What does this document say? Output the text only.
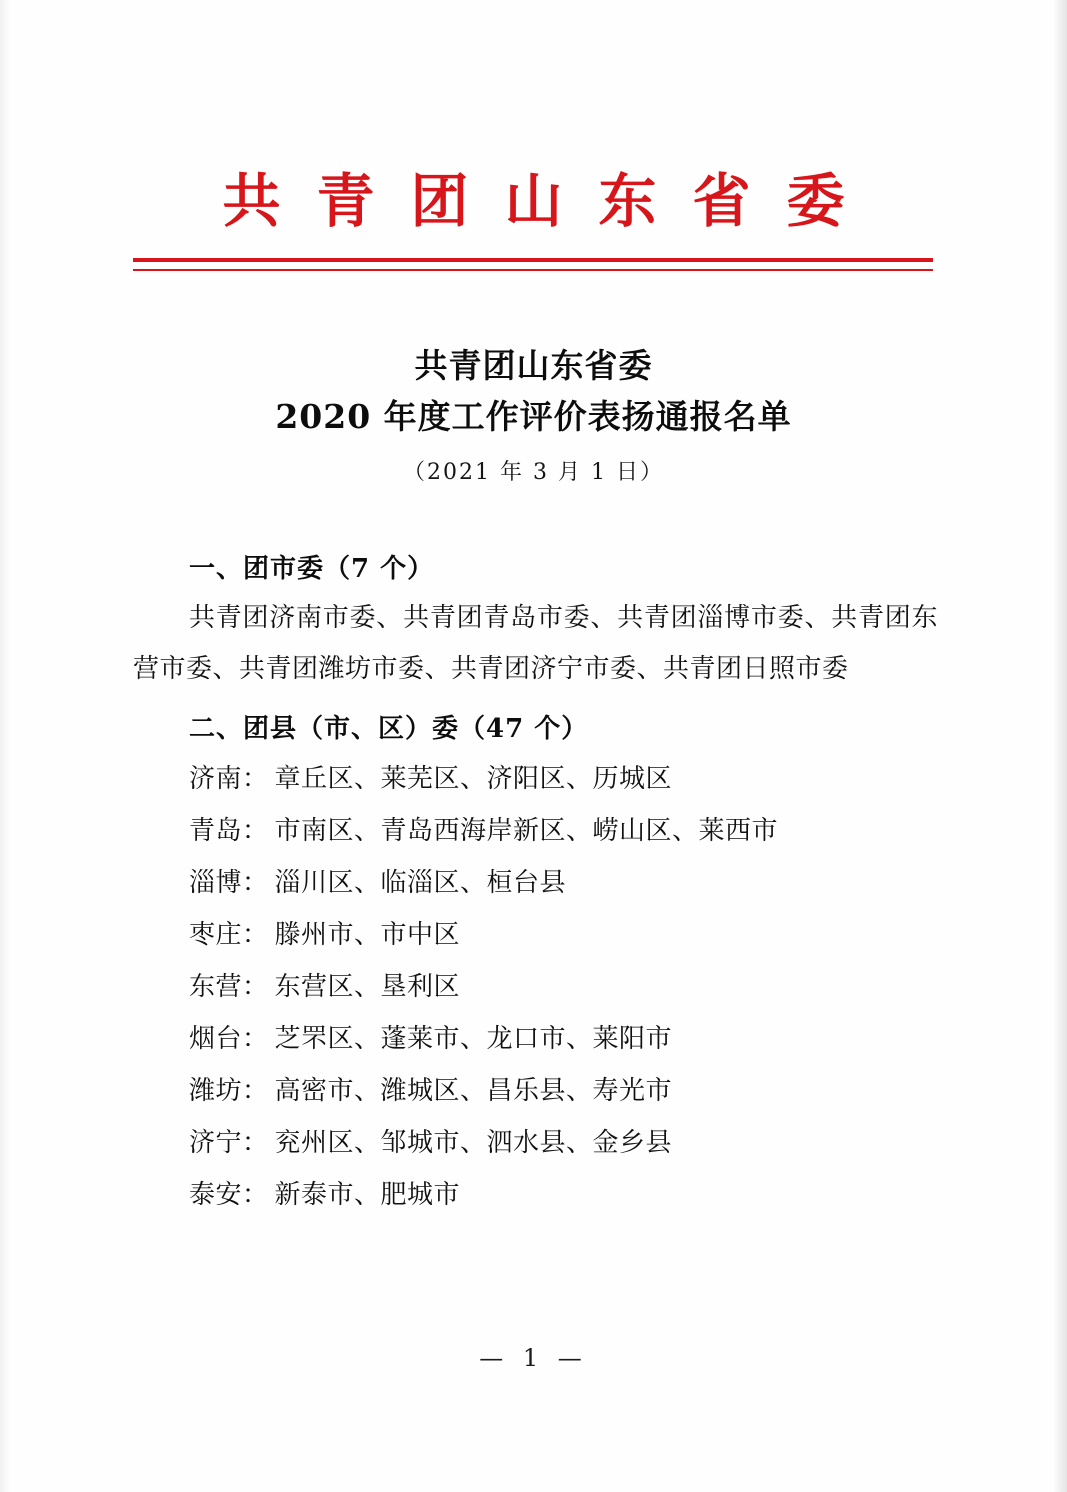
共青团山东省委
共青团山东省委
2020 年度工作评价表扬通报名单
（2021 年 3 月 1 日）
一、团市委（7 个）

共青团济南市委、共青团青岛市委、共青团淄博市委、共青团东营市委、共青团潍坊市委、共青团济宁市委、共青团日照市委

二、团县（市、区）委（47 个）
济南： 章丘区、莱芜区、济阳区、历城区
青岛： 市南区、青岛西海岸新区、崂山区、莱西市
淄博： 淄川区、临淄区、桓台县
枣庄： 滕州市、市中区
东营： 东营区、垦利区
烟台： 芝罘区、蓬莱市、龙口市、莱阳市
潍坊： 高密市、潍城区、昌乐县、寿光市
济宁： 兖州区、邹城市、泗水县、金乡县
泰安： 新泰市、肥城市
— 1 —
